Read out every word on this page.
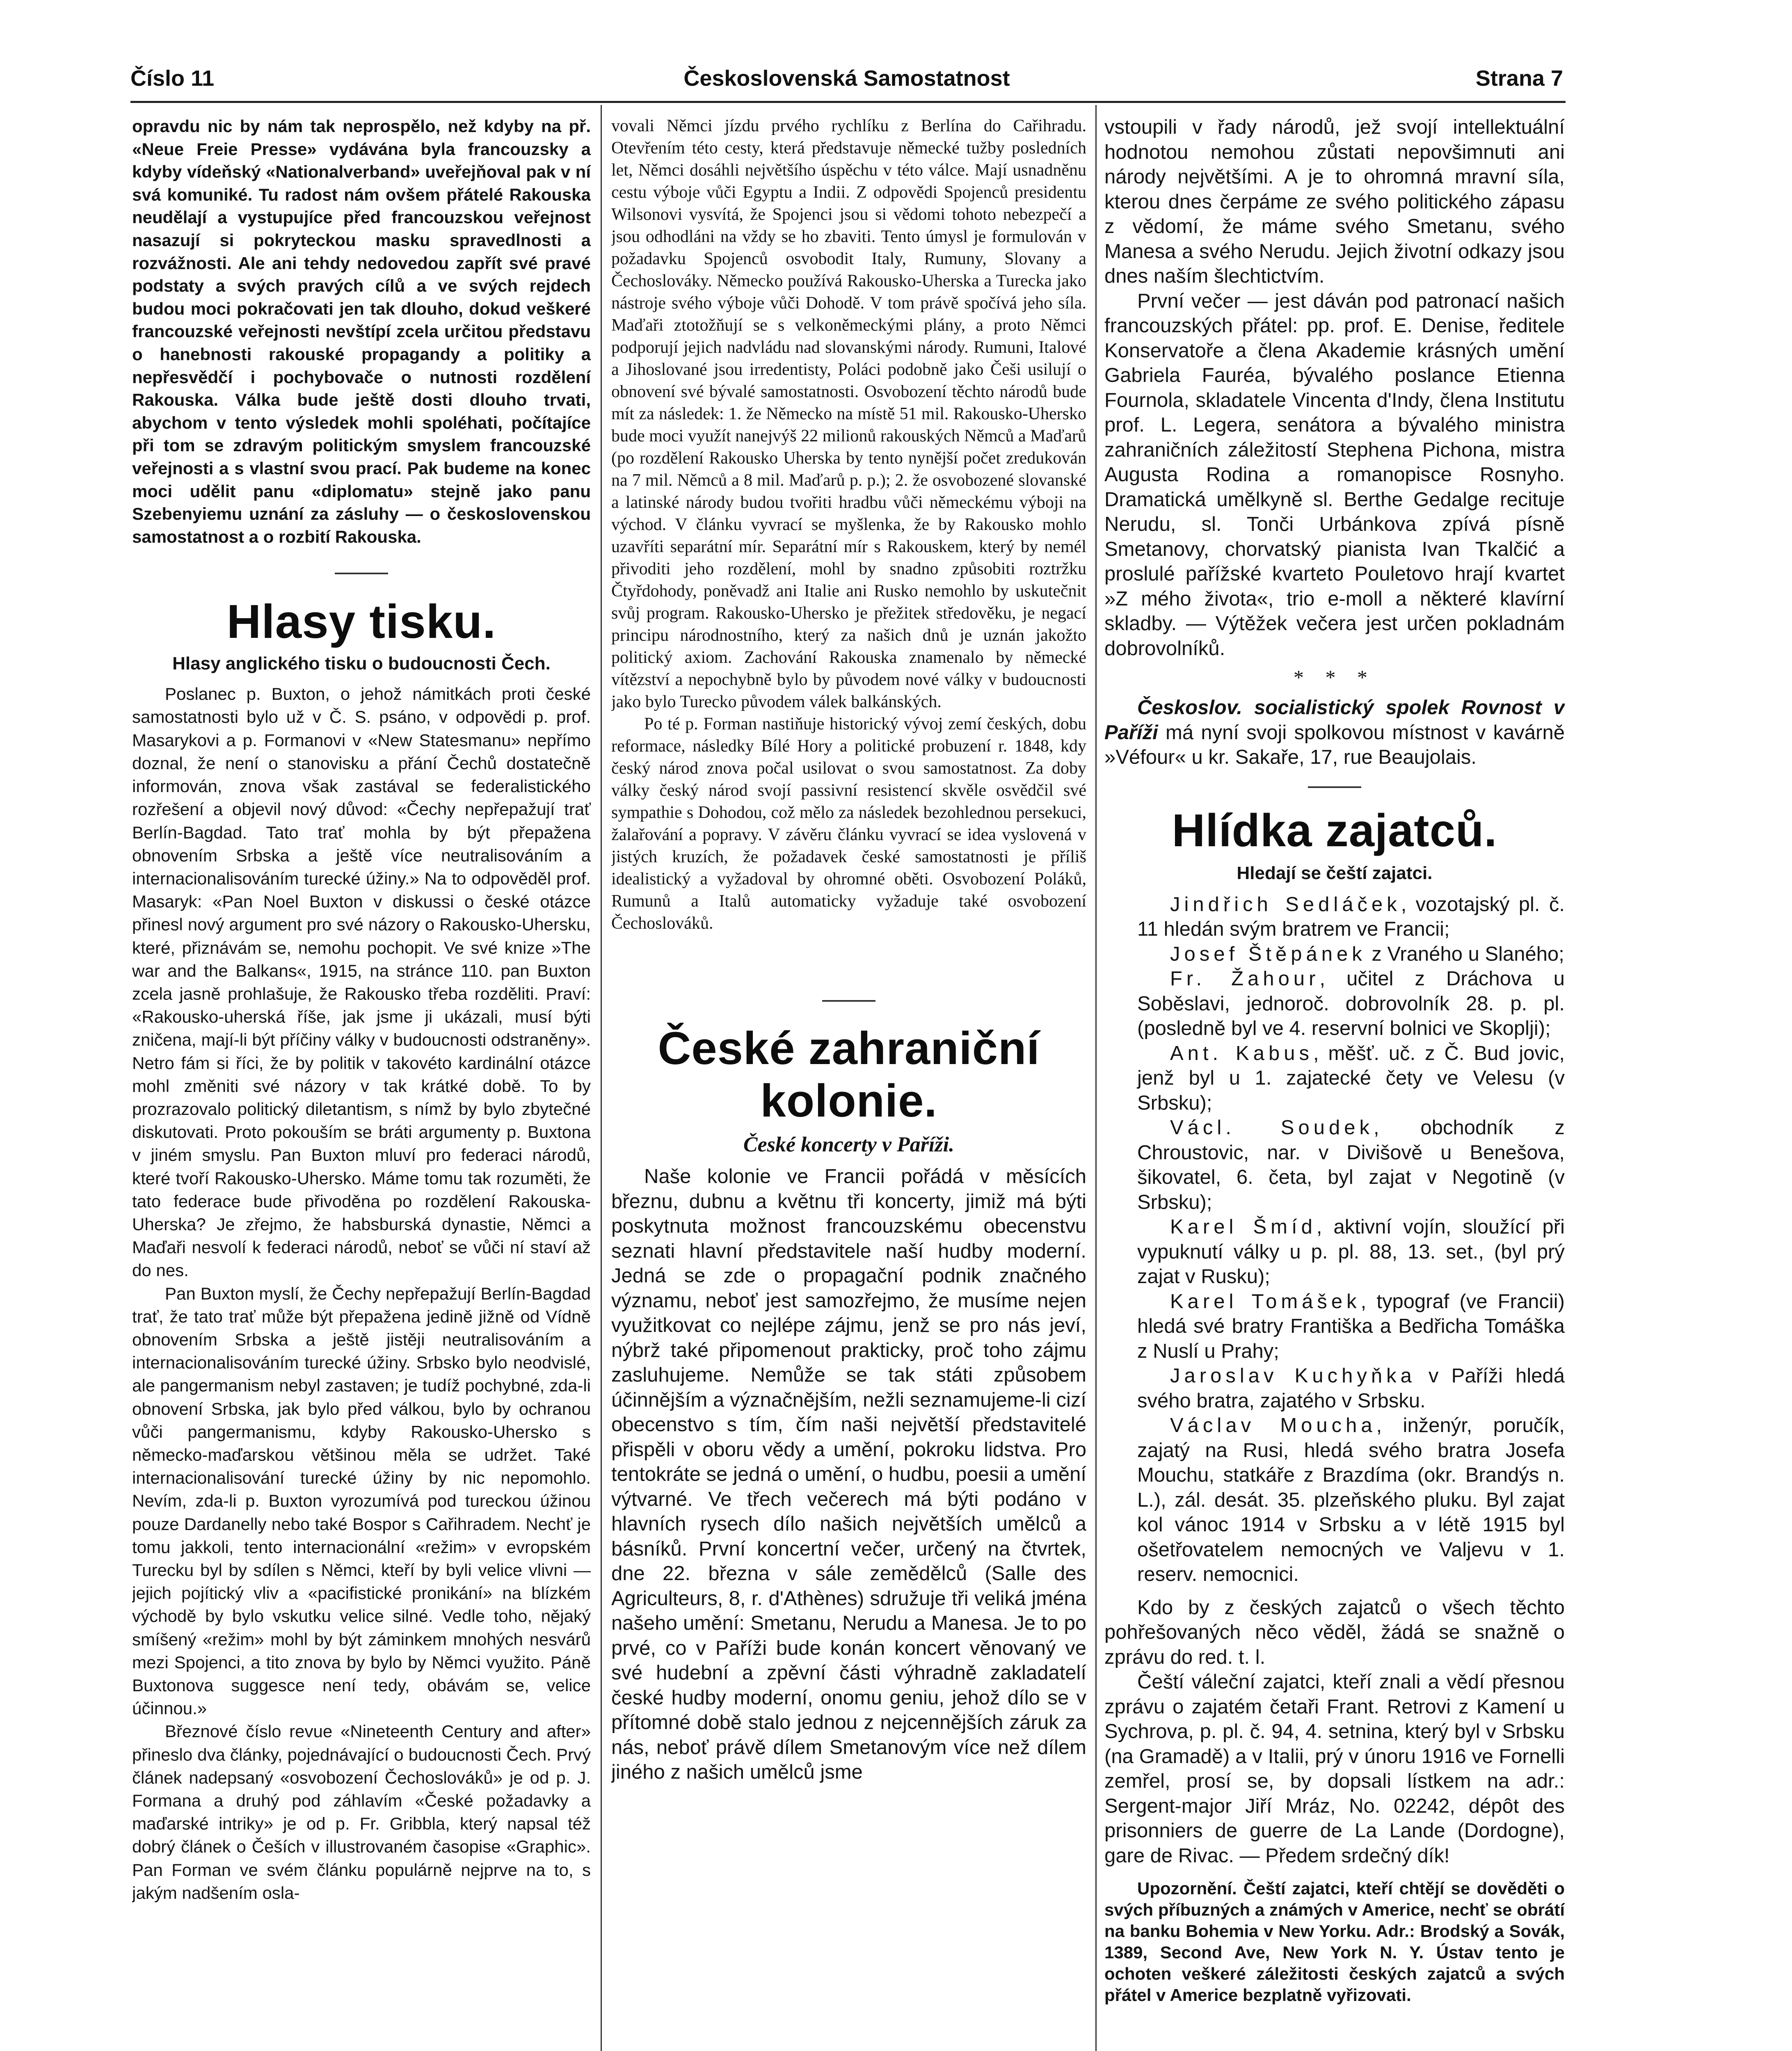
Číslo 11	Československá Samostatnost	Strana 7

opravdu nic by nám tak neprospělo, než kdyby na př. «Neue Freie Presse» vydávána byla francouzsky a kdyby vídeňský «Nationalverband» uveřejňoval pak v ní svá komuniké. Tu radost nám ovšem přátelé Rakouska neudělají a vystupujíce před francouzskou veřejnost nasazují si pokryteckou masku spravedlnosti a rozvážnosti. Ale ani tehdy nedovedou zapřít své pravé podstaty a svých pravých cílů a ve svých rejdech budou moci pokračovati jen tak dlouho, dokud veškeré francouzské veřejnosti nevštípí zcela určitou představu o hanebnosti rakouské propagandy a politiky a nepřesvědčí i pochybovače o nutnosti rozdělení Rakouska. Válka bude ještě dosti dlouho trvati, abychom v tento výsledek mohli spoléhati, počítajíce při tom se zdravým politickým smyslem francouzské veřejnosti a s vlastní svou prací. Pak budeme na konec moci udělit panu «diplomatu» stejně jako panu Szebenyiemu uznání za zásluhy — o československou samostatnost a o rozbití Rakouska.

Hlasy tisku.
Hlasy anglického tisku o budoucnosti Čech.

Poslanec p. Buxton, o jehož námitkách proti české samostatnosti bylo už v Č. S. psáno, v odpovědi p. prof. Masarykovi a p. Formanovi v «New Statesmanu» nepřímo doznal, že není o stanovisku a přání Čechů dostatečně informován, znova však zastával se federalistického rozřešení a objevil nový důvod: «Čechy nepřepažují trať Berlín-Bagdad. Tato trať mohla by být přepažena obnovením Srbska a ještě více neutralisováním a internacionalisováním turecké úžiny.» Na to odpověděl prof. Masaryk: «Pan Noel Buxton v diskussi o české otázce přinesl nový argument pro své názory o Rakousko-Uhersku, které, přiznávám se, nemohu pochopit. Ve své knize »The war and the Balkans«, 1915, na stránce 110. pan Buxton zcela jasně prohlašuje, že Rakousko třeba rozděliti. Praví: «Rakousko-uherská říše, jak jsme ji ukázali, musí býti zničena, mají-li být příčiny války v budoucnosti odstraněny». Netro fám si říci, že by politik v takovéto kardinální otázce mohl změniti své názory v tak krátké době. To by prozrazovalo politický diletantism, s nímž by bylo zbytečné diskutovati. Proto pokouším se bráti argumenty p. Buxtona v jiném smyslu. Pan Buxton mluví pro federaci národů, které tvoří Rakousko-Uhersko. Máme tomu tak rozuměti, že tato federace bude přivoděna po rozdělení Rakouska-Uherska? Je zřejmo, že habsburská dynastie, Němci a Maďaři nesvolí k federaci národů, neboť se vůči ní staví až do nes.

Pan Buxton myslí, že Čechy nepřepažují Berlín-Bagdad trať, že tato trať může být přepažena jedině jižně od Vídně obnovením Srbska a ještě jistěji neutralisováním a internacionalisováním turecké úžiny. Srbsko bylo neodvislé, ale pangermanism nebyl zastaven; je tudíž pochybné, zda-li obnovení Srbska, jak bylo před válkou, bylo by ochranou vůči pangermanismu, kdyby Rakousko-Uhersko s německo-maďarskou většinou měla se udržet. Také internacionalisování turecké úžiny by nic nepomohlo. Nevím, zda-li p. Buxton vyrozumívá pod tureckou úžinou pouze Dardanelly nebo také Bospor s Cařihradem. Nechť je tomu jakkoli, tento internacionální «režim» v evropském Turecku byl by sdílen s Němci, kteří by byli velice vlivni — jejich pojítický vliv a «pacifistické pronikání» na blízkém východě by bylo vskutku velice silné. Vedle toho, nějaký smíšený «režim» mohl by být záminkem mnohých nesvárů mezi Spojenci, a tito znova by bylo by Němci využito. Páně Buxtonova suggesce není tedy, obávám se, velice účinnou.»

Březnové číslo revue «Nineteenth Century and after» přineslo dva články, pojednávající o budoucnosti Čech. Prvý článek nadepsaný «osvobození Čechoslováků» je od p. J. Formana a druhý pod záhlavím «České požadavky a maďarské intriky» je od p. Fr. Gribbla, který napsal též dobrý článek o Češích v illustrovaném časopise «Graphic». Pan Forman ve svém článku populárně nejprve na to, s jakým nadšením osla-

vovali Němci jízdu prvého rychlíku z Berlína do Cařihradu. Otevřením této cesty, která představuje německé tužby posledních let, Němci dosáhli největšího úspěchu v této válce. Mají usnadněnu cestu výboje vůči Egyptu a Indii. Z odpovědi Spojenců presidentu Wilsonovi vysvítá, že Spojenci jsou si vědomi tohoto nebezpečí a jsou odhodláni na vždy se ho zbaviti. Tento úmysl je formulován v požadavku Spojenců osvobodit Italy, Rumuny, Slovany a Čechoslováky. Německo používá Rakousko-Uherska a Turecka jako nástroje svého výboje vůči Dohodě. V tom právě spočívá jeho síla. Maďaři ztotožňují se s velkoněmeckými plány, a proto Němci podporují jejich nadvládu nad slovanskými národy. Rumuni, Italové a Jihoslované jsou irredentisty, Poláci podobně jako Češi usilují o obnovení své bývalé samostatnosti. Osvobození těchto národů bude mít za následek: 1. že Německo na místě 51 mil. Rakousko-Uhersko bude moci využít nanejvýš 22 milionů rakouských Němců a Maďarů (po rozdělení Rakousko Uherska by tento nynější počet zredukován na 7 mil. Němců a 8 mil. Maďarů p. p.); 2. že osvobozené slovanské a latinské národy budou tvořiti hradbu vůči německému výboji na východ. V článku vyvrací se myšlenka, že by Rakousko mohlo uzavříti separátní mír. Separátní mír s Rakouskem, který by nemél přivoditi jeho rozdělení, mohl by snadno způsobiti roztržku Čtyřdohody, poněvadž ani Italie ani Rusko nemohlo by uskutečnit svůj program. Rakousko-Uhersko je přežitek středověku, je negací principu národnostního, který za našich dnů je uznán jakožto politický axiom. Zachování Rakouska znamenalo by německé vítězství a nepochybně bylo by původem nové války v budoucnosti jako bylo Turecko původem válek balkánských.

Po té p. Forman nastiňuje historický vývoj zemí českých, dobu reformace, následky Bílé Hory a politické probuzení r. 1848, kdy český národ znova počal usilovat o svou samostatnost. Za doby války český národ svojí passivní resistencí skvěle osvědčil své sympathie s Dohodou, což mělo za následek bezohlednou persekuci, žalařování a popravy. V závěru článku vyvrací se idea vyslovená v jistých kruzích, že požadavek české samostatnosti je příliš idealistický a vyžadoval by ohromné oběti. Osvobození Poláků, Rumunů a Italů automaticky vyžaduje také osvobození Čechoslováků.

České zahraniční kolonie.
České koncerty v Paříži.

Naše kolonie ve Francii pořádá v měsících březnu, dubnu a květnu tři koncerty, jimiž má býti poskytnuta možnost francouzskému obecenstvu seznati hlavní představitele naší hudby moderní. Jedná se zde o propagační podnik značného významu, neboť jest samozřejmo, že musíme nejen využitkovat co nejlépe zájmu, jenž se pro nás jeví, nýbrž také připomenout prakticky, proč toho zájmu zasluhujeme. Nemůže se tak státi způsobem účinnějším a význačnějším, nežli seznamujeme-li cizí obecenstvo s tím, čím naši největší představitelé přispěli v oboru vědy a umění, pokroku lidstva. Pro tentokráte se jedná o umění, o hudbu, poesii a umění výtvarné. Ve třech večerech má býti podáno v hlavních rysech dílo našich největších umělců a básníků. První koncertní večer, určený na čtvrtek, dne 22. března v sále zemědělců (Salle des Agriculteurs, 8, r. d'Athènes) sdružuje tři veliká jména našeho umění: Smetanu, Nerudu a Manesa. Je to po prvé, co v Paříži bude konán koncert věnovaný ve své hudební a zpěvní části výhradně zakladatelí české hudby moderní, onomu geniu, jehož dílo se v přítomné době stalo jednou z nejcennějších záruk za nás, neboť právě dílem Smetanovým více než dílem jiného z našich umělců jsme

vstoupili v řady národů, jež svojí intellektuální hodnotou nemohou zůstati nepovšimnuti ani národy největšími. A je to ohromná mravní síla, kterou dnes čerpáme ze svého politického zápasu z vědomí, že máme svého Smetanu, svého Manesa a svého Nerudu. Jejich životní odkazy jsou dnes naším šlechtictvím.

První večer — jest dáván pod patronací našich francouzských přátel: pp. prof. E. Denise, ředitele Konservatoře a člena Akademie krásných umění Gabriela Fauréa, bývalého poslance Etienna Fournola, skladatele Vincenta d'Indy, člena Institutu prof. L. Legera, senátora a bývalého ministra zahraničních záležitostí Stephena Pichona, mistra Augusta Rodina a romanopisce Rosnyho. Dramatická umělkyně sl. Berthe Gedalge recituje Nerudu, sl. Tonči Urbánkova zpívá písně Smetanovy, chorvatský pianista Ivan Tkalčić a proslulé pařížské kvarteto Pouletovo hrají kvartet »Z mého života«, trio e-moll a některé klavírní skladby. — Výtěžek večera jest určen pokladnám dobrovolníků.

* * *

Českoslov. socialistický spolek Rovnost v Paříži má nyní svoji spolkovou místnost v kavárně »Véfour« u kr. Sakaře, 17, rue Beaujolais.

Hlídka zajatců.
Hledají se čeští zajatci.

Jindřich Sedláček, vozotajský pl. č. 11 hledán svým bratrem ve Francii;

Josef Štěpánek z Vraného u Slaného;

Fr. Žahour, učitel z Dráchova u Soběslavi, jednoroč. dobrovolník 28. p. pl. (posledně byl ve 4. reservní bolnici ve Skoplji);

Ant. Kabus, měšť. uč. z Č. Bud jovic, jenž byl u 1. zajatecké čety ve Velesu (v Srbsku);

Václ. Soudek, obchodník z Chroustovic, nar. v Divišově u Benešova, šikovatel, 6. četa, byl zajat v Negotině (v Srbsku);

Karel Šmíd, aktivní vojín, sloužící při vypuknutí války u p. pl. 88, 13. set., (byl prý zajat v Rusku);

Karel Tomášek, typograf (ve Francii) hledá své bratry Františka a Bedřicha Tomáška z Nuslí u Prahy;

Jaroslav Kuchyňka v Paříži hledá svého bratra, zajatého v Srbsku.

Václav Moucha, inženýr, poručík, zajatý na Rusi, hledá svého bratra Josefa Mouchu, statkáře z Brazdíma (okr. Brandýs n. L.), zál. desát. 35. plzeňského pluku. Byl zajat kol vánoc 1914 v Srbsku a v létě 1915 byl ošetřovatelem nemocných ve Valjevu v 1. reserv. nemocnici.

Kdo by z českých zajatců o všech těchto pohřešovaných něco věděl, žádá se snažně o zprávu do red. t. l.

Čeští váleční zajatci, kteří znali a vědí přesnou zprávu o zajatém četaři Frant. Retrovi z Kamení u Sychrova, p. pl. č. 94, 4. setnina, který byl v Srbsku (na Gramadě) a v Italii, prý v únoru 1916 ve Fornelli zemřel, prosí se, by dopsali lístkem na adr.: Sergent-major Jiří Mráz, No. 02242, dépôt des prisonniers de guerre de La Lande (Dordogne), gare de Rivac. — Předem srdečný dík!

Upozornění. Čeští zajatci, kteří chtějí se dověděti o svých příbuzných a známých v Americe, nechť se obrátí na banku Bohemia v New Yorku. Adr.: Brodský a Sovák, 1389, Second Ave, New York N. Y. Ústav tento je ochoten veškeré záležitosti českých zajatců a svých přátel v Americe bezplatně vyřizovati.
